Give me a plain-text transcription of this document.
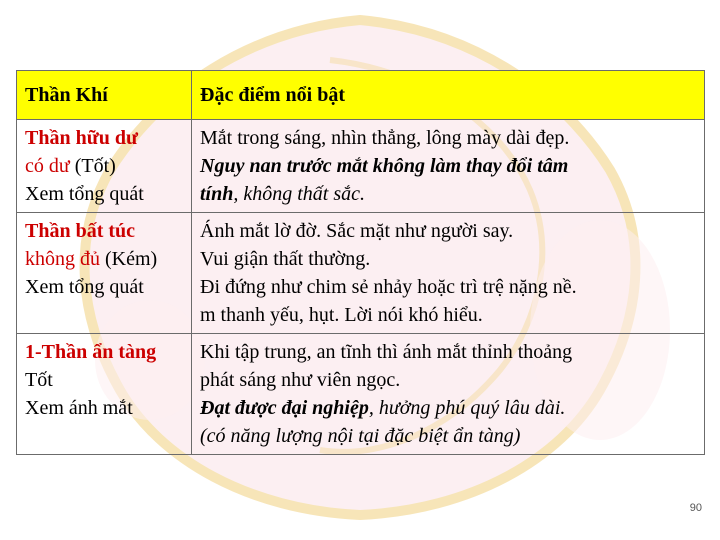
Thần Khí	Đặc điểm nổi bật

Thần hữu dư
có dư (Tốt)
Xem tổng quát	Mắt trong sáng, nhìn thẳng, lông mày dài đẹp.
Nguy nan trước mắt không làm thay đổi tâm
tính, không thất sắc.

Thần bất túc
không đủ (Kém)
Xem tổng quát	Ánh mắt lờ đờ. Sắc mặt như người say.
Vui giận thất thường.
Đi đứng như chim sẻ nhảy hoặc trì trệ nặng nề.
m thanh yếu, hụt. Lời nói khó hiểu.

1-Thần ẩn tàng
Tốt
Xem ánh mắt	Khi tập trung, an tĩnh thì ánh mắt thỉnh thoảng
phát sáng như viên ngọc.
Đạt được đại nghiệp, hưởng phú quý lâu dài.
(có năng lượng nội tại đặc biệt ẩn tàng)
90
